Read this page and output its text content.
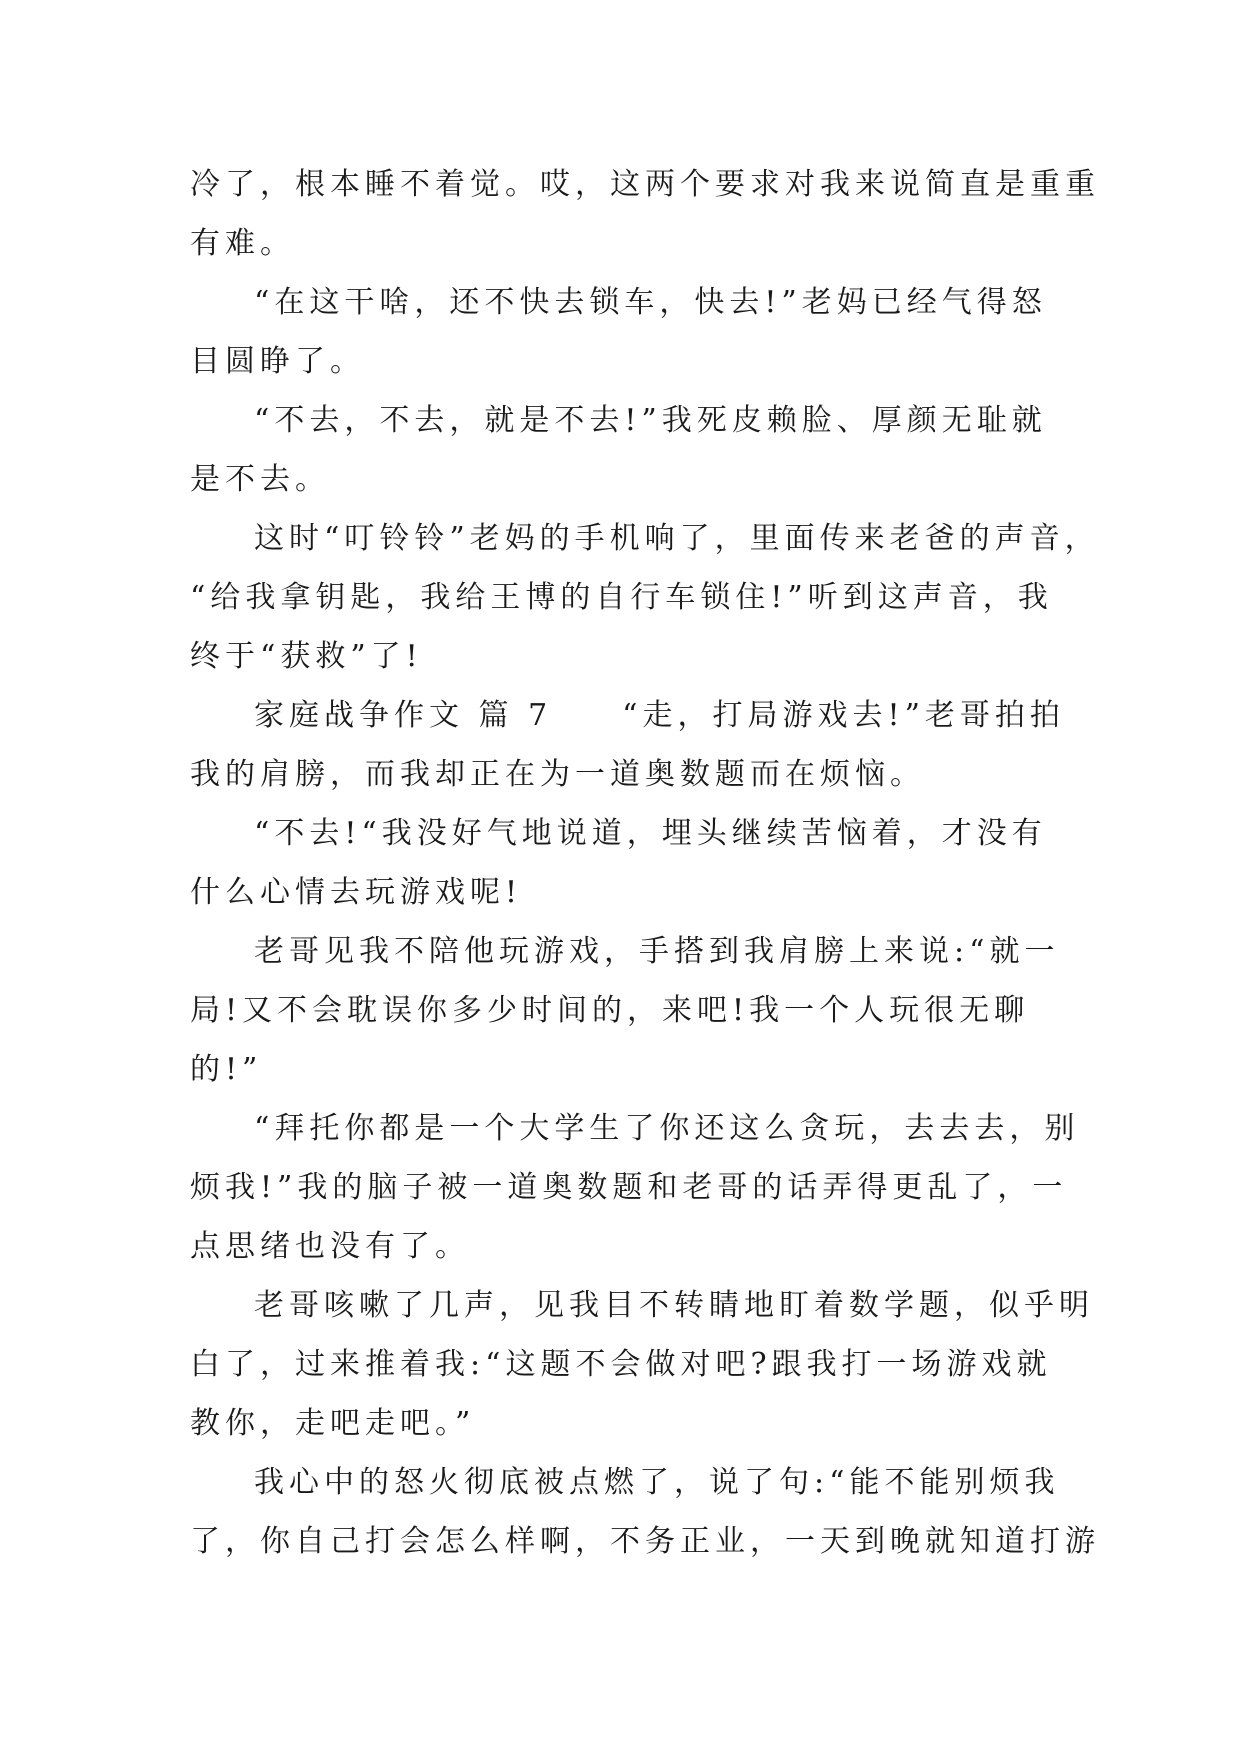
冷了，根本睡不着觉。哎，这两个要求对我来说简直是重重
有难。
“在这干啥，还不快去锁车，快去!”老妈已经气得怒
目圆睁了。
“不去，不去，就是不去!”我死皮赖脸、厚颜无耻就
是不去。
这时“叮铃铃”老妈的手机响了，里面传来老爸的声音，
“给我拿钥匙，我给王博的自行车锁住!”听到这声音，我
终于“获救”了!
家庭战争作文 篇 7 “走，打局游戏去!”老哥拍拍
我的肩膀，而我却正在为一道奥数题而在烦恼。
“不去!“我没好气地说道，埋头继续苦恼着，才没有
什么心情去玩游戏呢!
老哥见我不陪他玩游戏，手搭到我肩膀上来说:“就一
局!又不会耽误你多少时间的，来吧!我一个人玩很无聊
的!”
“拜托你都是一个大学生了你还这么贪玩，去去去，别
烦我!”我的脑子被一道奥数题和老哥的话弄得更乱了，一
点思绪也没有了。
老哥咳嗽了几声，见我目不转睛地盯着数学题，似乎明
白了，过来推着我:“这题不会做对吧?跟我打一场游戏就
教你，走吧走吧。”
我心中的怒火彻底被点燃了，说了句:“能不能别烦我
了，你自己打会怎么样啊，不务正业，一天到晚就知道打游
